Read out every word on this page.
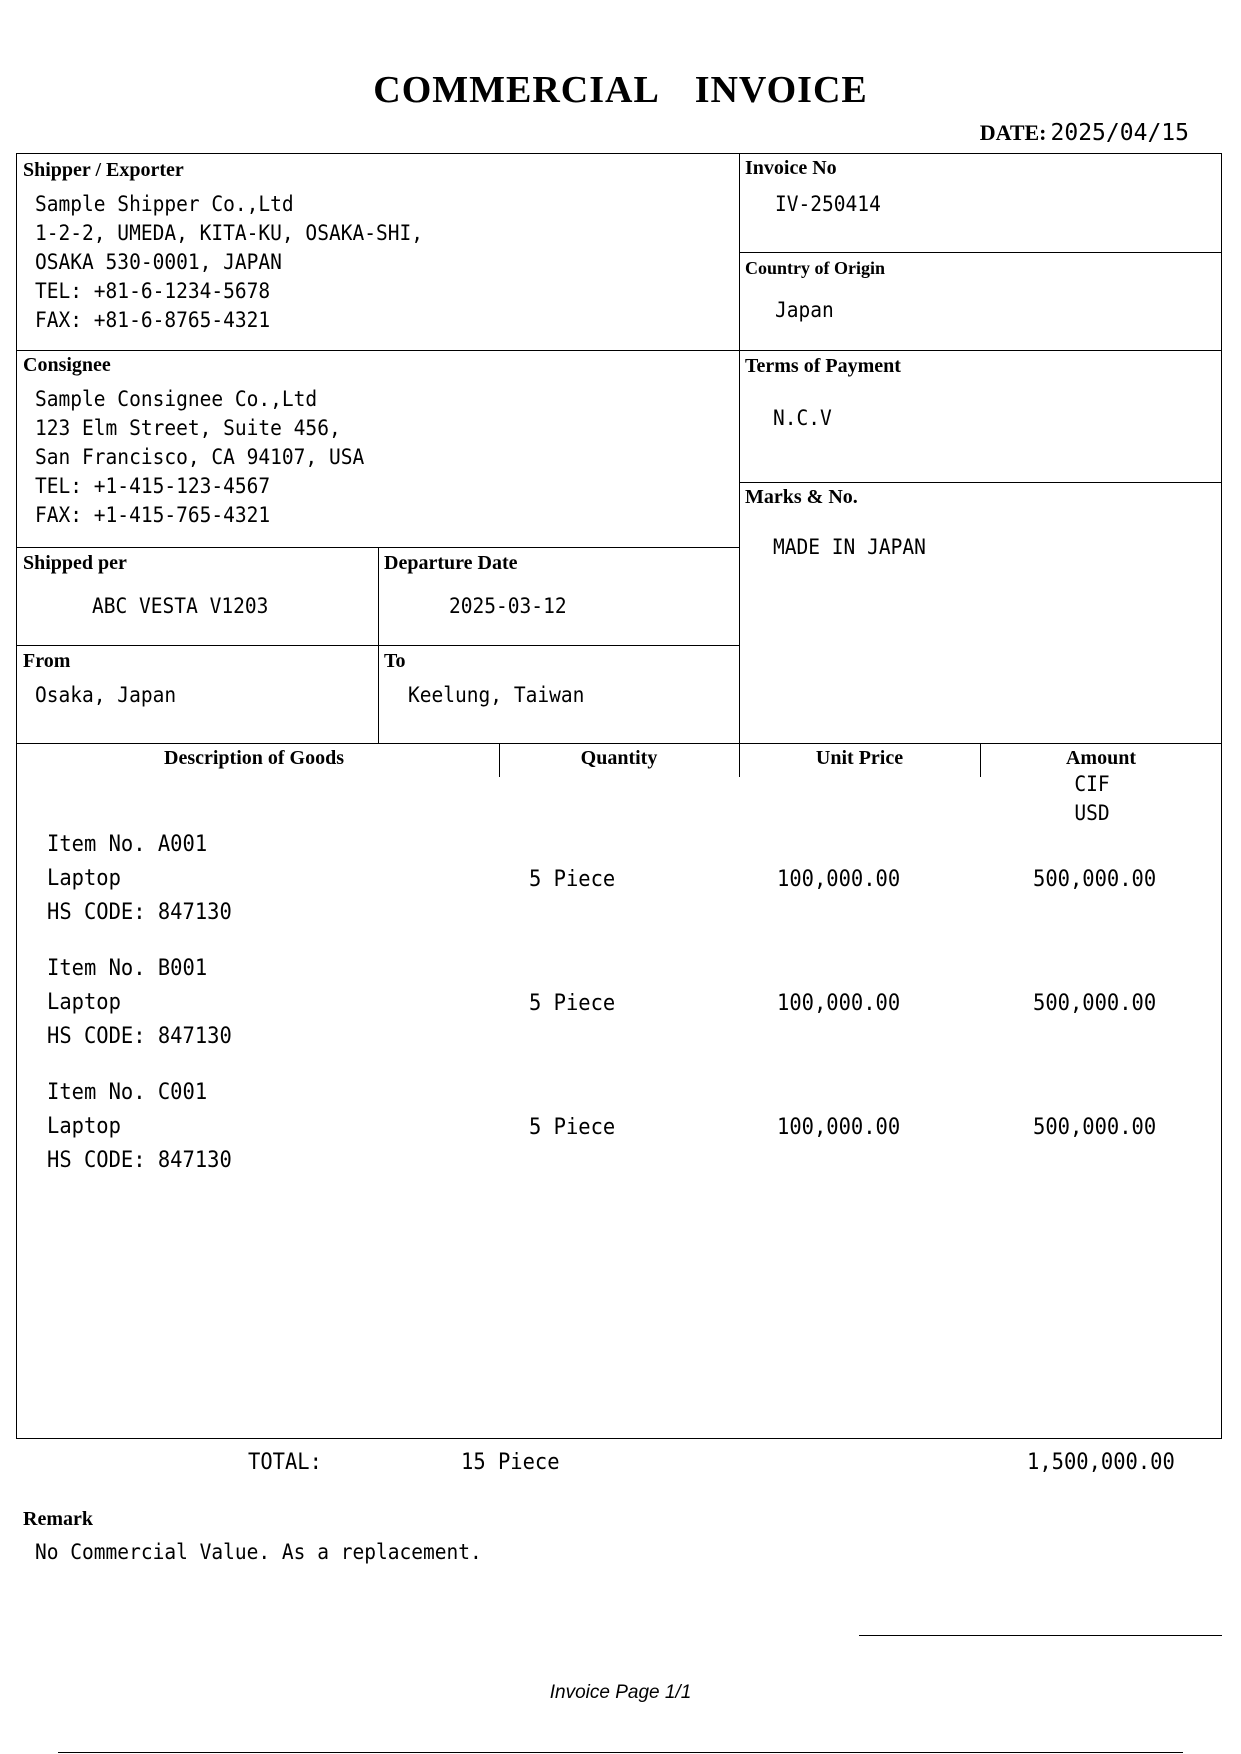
COMMERCIAL  INVOICE
DATE: 2025/04/15
Shipper / Exporter
Sample Shipper Co.,Ltd
1-2-2, UMEDA, KITA-KU, OSAKA-SHI,
OSAKA 530-0001, JAPAN
TEL: +81-6-1234-5678
FAX: +81-6-8765-4321
Invoice No
IV-250414
Country of Origin
Japan
Consignee
Sample Consignee Co.,Ltd
123 Elm Street, Suite 456,
San Francisco, CA 94107, USA
TEL: +1-415-123-4567
FAX: +1-415-765-4321
Terms of Payment
N.C.V
Marks & No.
MADE IN JAPAN
Shipped per
ABC VESTA V1203
Departure Date
2025-03-12
From
Osaka, Japan
To
Keelung, Taiwan
Description of Goods	Quantity	Unit Price	Amount
CIF
USD
Item No. A001
Laptop
HS CODE: 847130
5 Piece	100,000.00	500,000.00
Item No. B001
Laptop
HS CODE: 847130
5 Piece	100,000.00	500,000.00
Item No. C001
Laptop
HS CODE: 847130
5 Piece	100,000.00	500,000.00
TOTAL:	15 Piece	1,500,000.00
Remark
No Commercial Value. As a replacement.
Invoice Page 1/1
